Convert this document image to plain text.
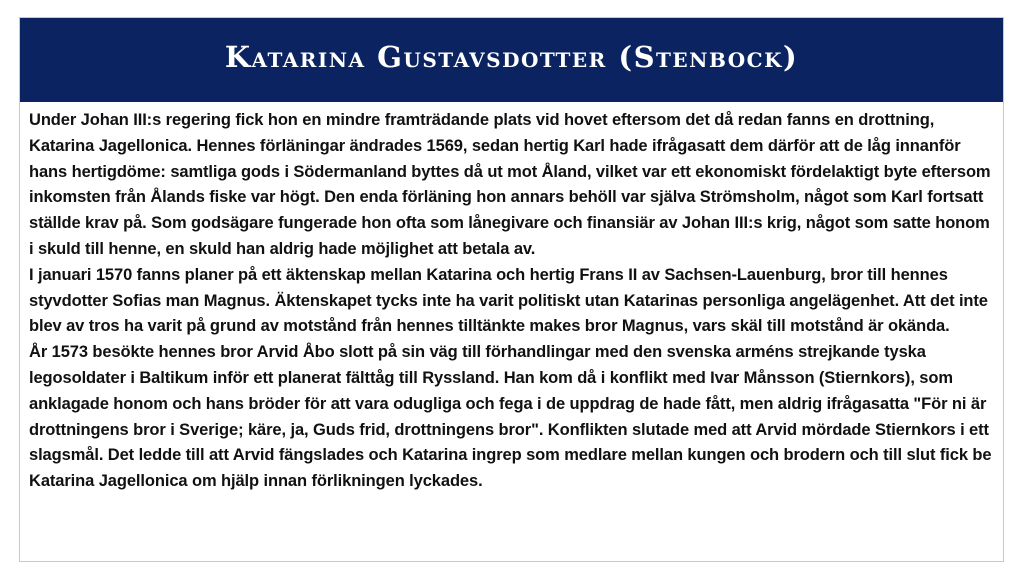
Katarina Gustavsdotter (Stenbock)

Under Johan III:s regering fick hon en mindre framträdande plats vid hovet eftersom det då redan fanns en drottning, Katarina Jagellonica. Hennes förläningar ändrades 1569, sedan hertig Karl hade ifrågasatt dem därför att de låg innanför hans hertigdöme: samtliga gods i Södermanland byttes då ut mot Åland, vilket var ett ekonomiskt fördelaktigt byte eftersom inkomsten från Ålands fiske var högt. Den enda förläning hon annars behöll var själva Strömsholm, något som Karl fortsatt ställde krav på. Som godsägare fungerade hon ofta som lånegivare och finansiär av Johan III:s krig, något som satte honom i skuld till henne, en skuld han aldrig hade möjlighet att betala av.

I januari 1570 fanns planer på ett äktenskap mellan Katarina och hertig Frans II av Sachsen-Lauenburg, bror till hennes styvdotter Sofias man Magnus. Äktenskapet tycks inte ha varit politiskt utan Katarinas personliga angelägenhet. Att det inte blev av tros ha varit på grund av motstånd från hennes tilltänkte makes bror Magnus, vars skäl till motstånd är okända.

År 1573 besökte hennes bror Arvid Åbo slott på sin väg till förhandlingar med den svenska arméns strejkande tyska legosoldater i Baltikum inför ett planerat fälttåg till Ryssland. Han kom då i konflikt med Ivar Månsson (Stiernkors), som anklagade honom och hans bröder för att vara odugliga och fega i de uppdrag de hade fått, men aldrig ifrågasatta "För ni är drottningens bror i Sverige; käre, ja, Guds frid, drottningens bror". Konflikten slutade med att Arvid mördade Stiernkors i ett slagsmål. Det ledde till att Arvid fängslades och Katarina ingrep som medlare mellan kungen och brodern och till slut fick be Katarina Jagellonica om hjälp innan förlikningen lyckades.
